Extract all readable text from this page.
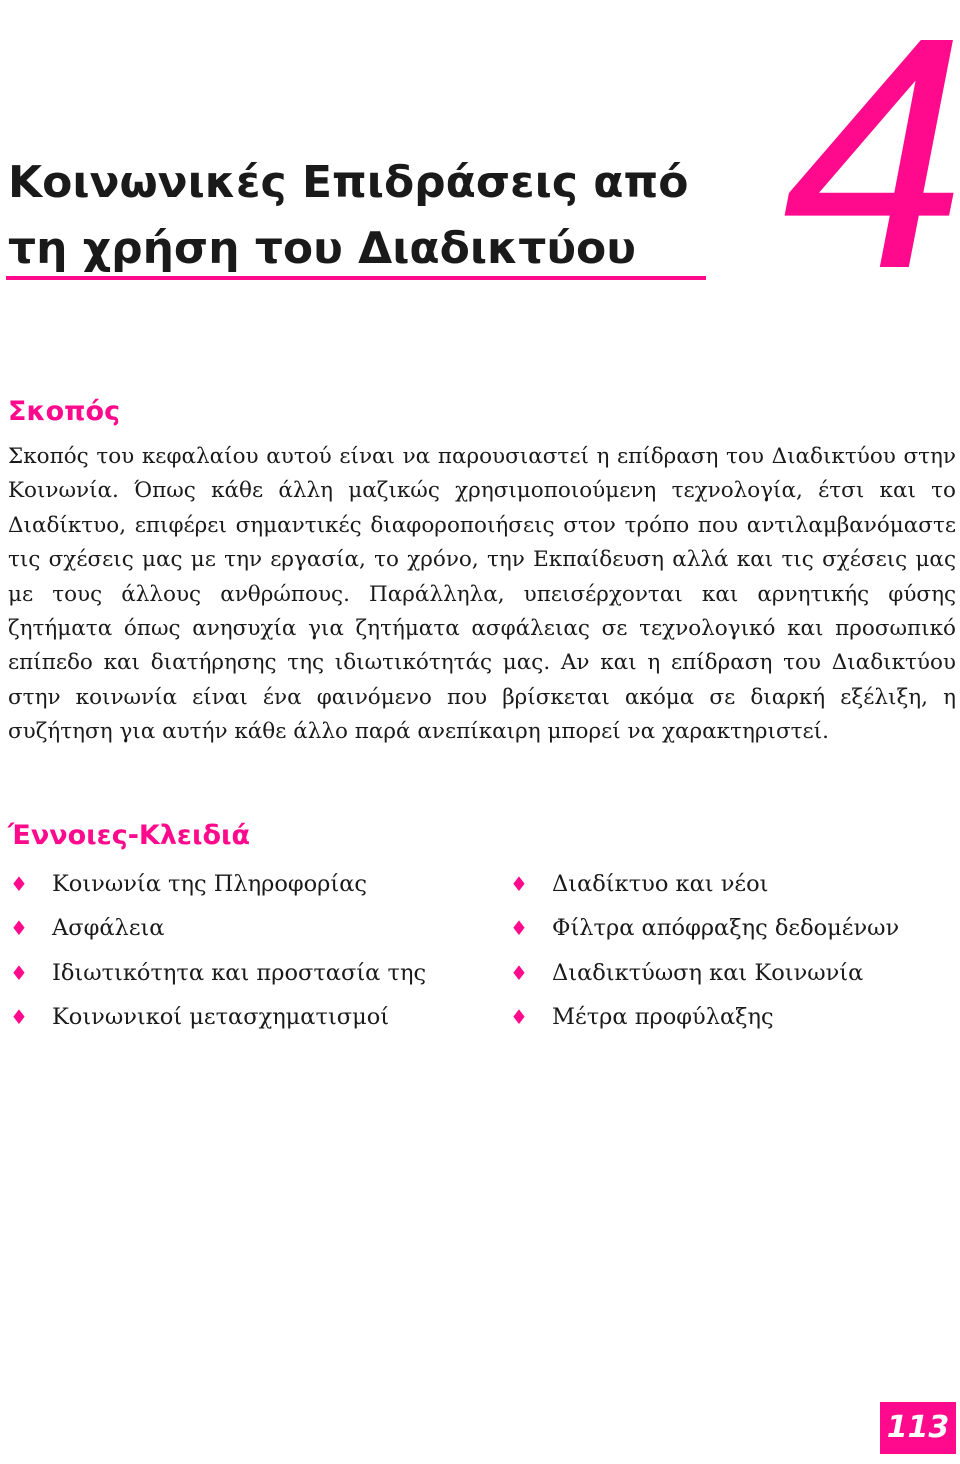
4
Κοινωνικές Επιδράσεις από
τη χρήση του Διαδικτύου
Σκοπός

Σκοπός του κεφαλαίου αυτού είναι να παρουσιαστεί η επίδραση του Διαδικτύου στην Κοινωνία. Όπως κάθε άλλη μαζικώς χρησιμοποιούμενη τεχνολογία, έτσι και το Διαδίκτυο, επιφέρει σημαντικές διαφοροποιήσεις στον τρόπο που αντιλαμβανόμαστε τις σχέσεις μας με την εργασία, το χρόνο, την Εκπαίδευση αλλά και τις σχέσεις μας με τους άλλους ανθρώπους. Παράλληλα, υπεισέρχονται και αρνητικής φύσης ζητήματα όπως ανησυχία για ζητήματα ασφάλειας σε τεχνολογικό και προσωπικό επίπεδο και διατήρησης της ιδιωτικότητάς μας. Αν και η επίδραση του Διαδικτύου στην κοινωνία είναι ένα φαινόμενο που βρίσκεται ακόμα σε διαρκή εξέλιξη, η συζήτηση για αυτήν κάθε άλλο παρά ανεπίκαιρη μπορεί να χαρακτηριστεί.

Έννοιες-Κλειδιά
♦ Κοινωνία της Πληροφορίας
♦ Ασφάλεια
♦ Ιδιωτικότητα και προστασία της
♦ Κοινωνικοί μετασχηματισμοί
♦ Διαδίκτυο και νέοι
♦ Φίλτρα απόφραξης δεδομένων
♦ Διαδικτύωση και Κοινωνία
♦ Μέτρα προφύλαξης
113
